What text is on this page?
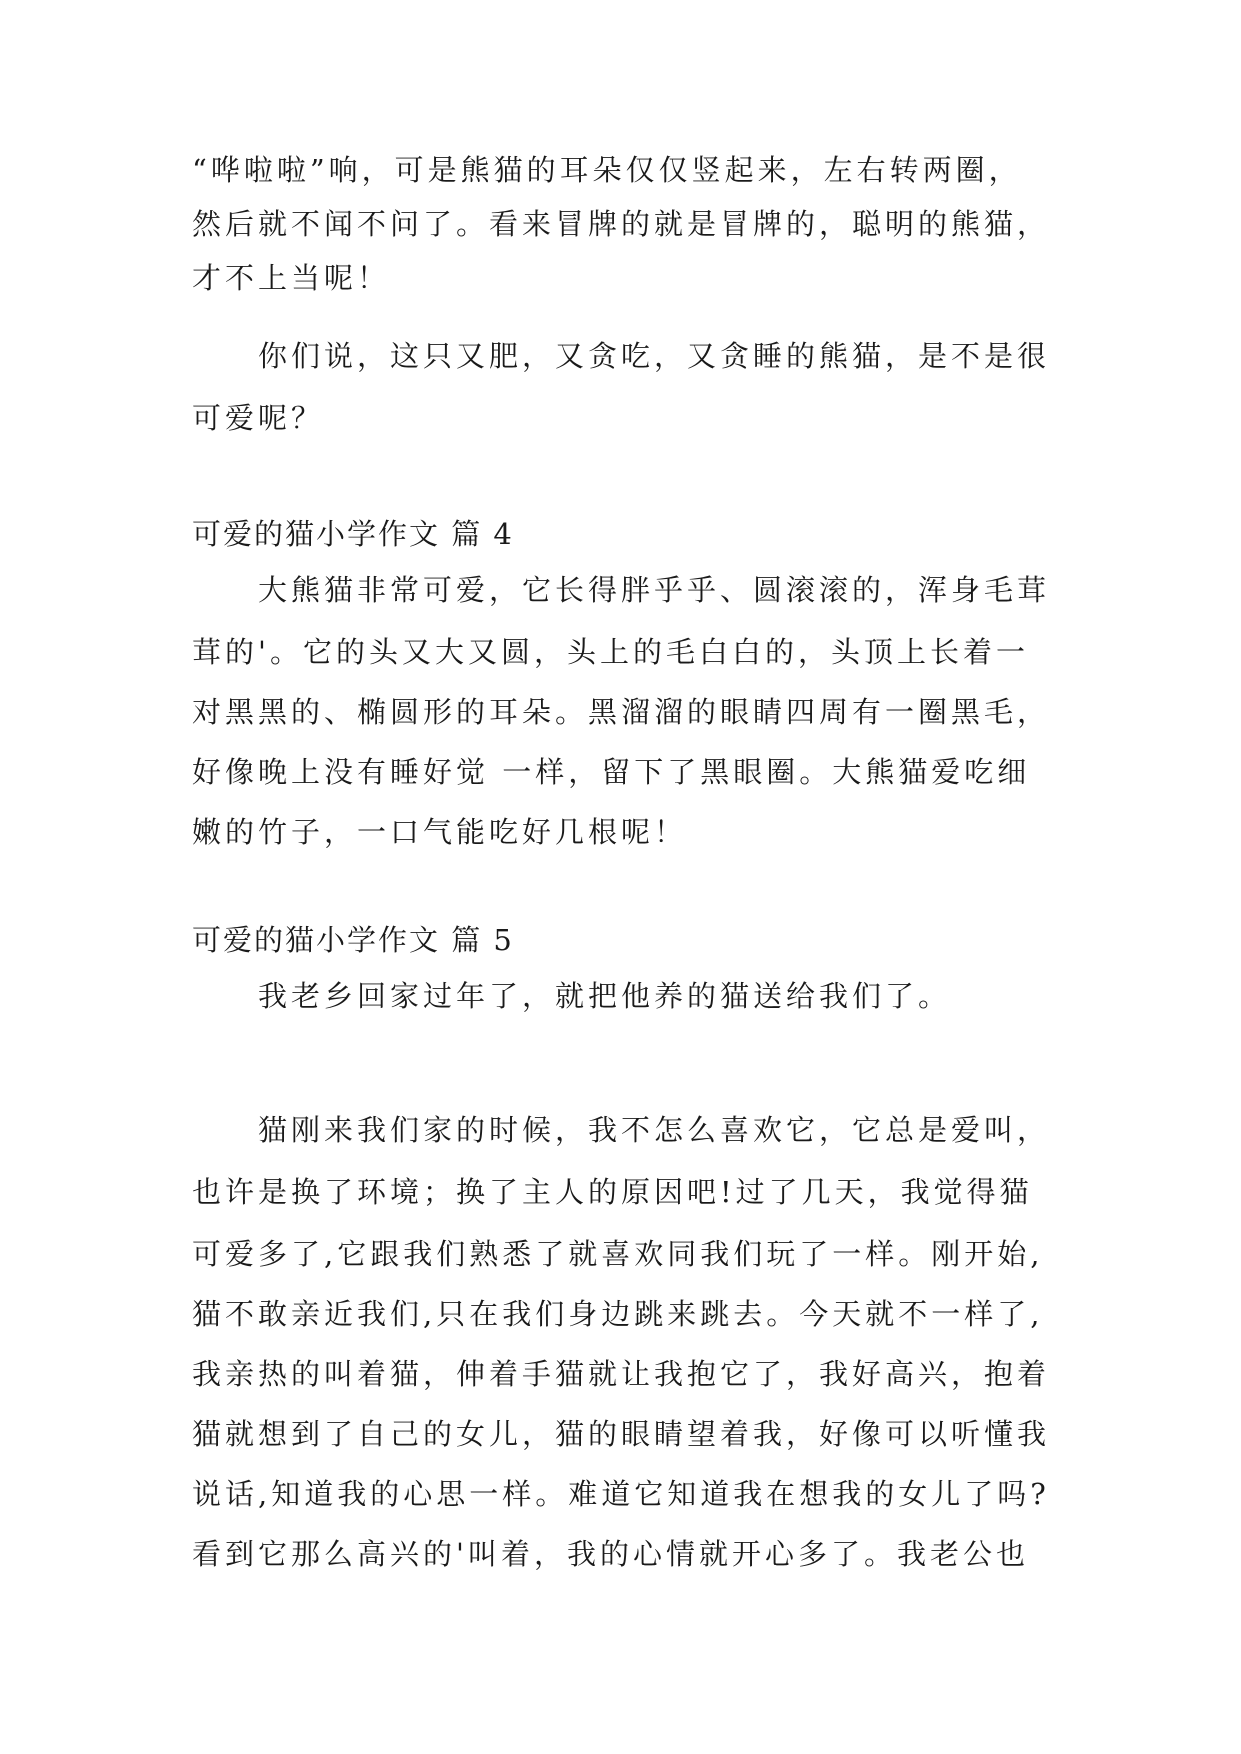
“哗啦啦”响，可是熊猫的耳朵仅仅竖起来，左右转两圈，

然后就不闻不问了。看来冒牌的就是冒牌的，聪明的熊猫，

才不上当呢！

你们说，这只又肥，又贪吃，又贪睡的熊猫，是不是很

可爱呢？

可爱的猫小学作文 篇 4

大熊猫非常可爱，它长得胖乎乎、圆滚滚的，浑身毛茸

茸的'。它的头又大又圆，头上的毛白白的，头顶上长着一

对黑黑的、椭圆形的耳朵。黑溜溜的眼睛四周有一圈黑毛，

好像晚上没有睡好觉 一样，留下了黑眼圈。大熊猫爱吃细

嫩的竹子，一口气能吃好几根呢！

可爱的猫小学作文 篇 5

我老乡回家过年了，就把他养的猫送给我们了。

猫刚来我们家的时候，我不怎么喜欢它，它总是爱叫，

也许是换了环境；换了主人的原因吧!过了几天，我觉得猫

可爱多了,它跟我们熟悉了就喜欢同我们玩了一样。刚开始,

猫不敢亲近我们,只在我们身边跳来跳去。今天就不一样了,

我亲热的叫着猫，伸着手猫就让我抱它了，我好高兴，抱着

猫就想到了自己的女儿，猫的眼睛望着我，好像可以听懂我

说话,知道我的心思一样。难道它知道我在想我的女儿了吗?

看到它那么高兴的'叫着，我的心情就开心多了。我老公也
